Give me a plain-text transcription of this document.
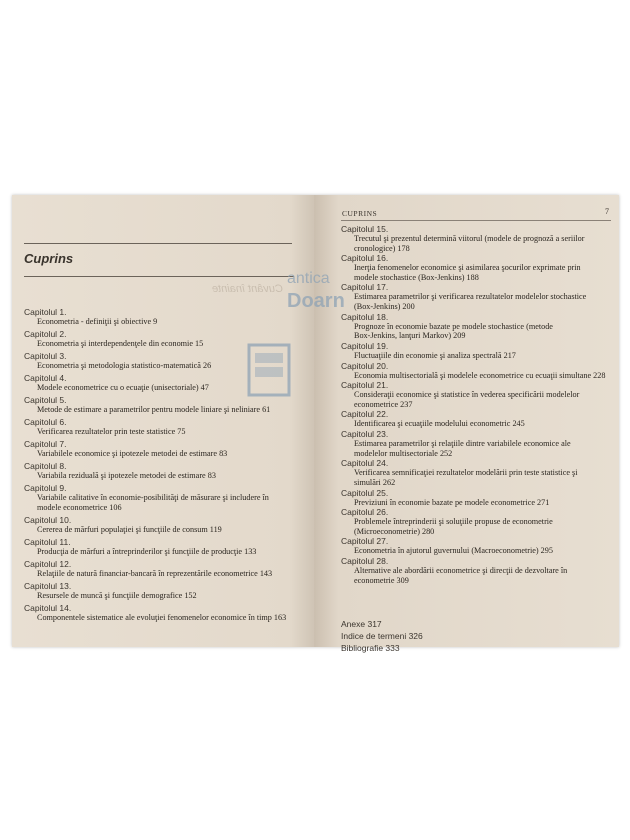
Cuprins
Cuvânt înainte
Capitolul 1.
Econometria - definiţii şi obiective 9
Capitolul 2.
Econometria şi interdependenţele din economie 15
Capitolul 3.
Econometria şi metodologia statistico-matematică 26
Capitolul 4.
Modele econometrice cu o ecuaţie (unisectoriale) 47
Capitolul 5.
Metode de estimare a parametrilor pentru modele liniare şi neliniare 61
Capitolul 6.
Verificarea rezultatelor prin teste statistice 75
Capitolul 7.
Variabilele economice şi ipotezele metodei de estimare 83
Capitolul 8.
Variabila reziduală şi ipotezele metodei de estimare 83
Capitolul 9.
Variabile calitative în economie-posibilităţi de măsurare şi includere în
modele econometrice 106
Capitolul 10.
Cererea de mărfuri populaţiei şi funcţiile de consum 119
Capitolul 11.
Producţia de mărfuri a întreprinderilor şi funcţiile de producţie 133
Capitolul 12.
Relaţiile de natură financiar-bancară în reprezentările econometrice 143
Capitolul 13.
Resursele de muncă şi funcţiile demografice 152
Capitolul 14.
Componentele sistematice ale evoluţiei fenomenelor economice în timp 163
CUPRINS	7
Capitolul 15.
Trecutul şi prezentul determină viitorul (modele de prognoză a seriilor
cronologice) 178
Capitolul 16.
Inerţia fenomenelor economice şi asimilarea şocurilor exprimate prin
modele stochastice (Box-Jenkins) 188
Capitolul 17.
Estimarea parametrilor şi verificarea rezultatelor modelelor stochastice
(Box-Jenkins) 200
Capitolul 18.
Prognoze în economie bazate pe modele stochastice (metode
Box-Jenkins, lanţuri Markov) 209
Capitolul 19.
Fluctuaţiile din economie şi analiza spectrală 217
Capitolul 20.
Economia multisectorială şi modelele econometrice cu ecuaţii simultane 228
Capitolul 21.
Consideraţii economice şi statistice în vederea specificării modelelor
econometrice 237
Capitolul 22.
Identificarea şi ecuaţiile modelului econometric 245
Capitolul 23.
Estimarea parametrilor şi relaţiile dintre variabilele economice ale
modelelor multisectoriale 252
Capitolul 24.
Verificarea semnificaţiei rezultatelor modelării prin teste statistice şi
simulări 262
Capitolul 25.
Previziuni în economie bazate pe modele econometrice 271
Capitolul 26.
Problemele întreprinderii şi soluţiile propuse de econometrie
(Microeconometrie) 280
Capitolul 27.
Econometria în ajutorul guvernului (Macroeconometrie) 295
Capitolul 28.
Alternative ale abordării econometrice şi direcţii de dezvoltare în
econometrie 309
Anexe 317
Indice de termeni 326
Bibliografie 333
antica
Doarn
